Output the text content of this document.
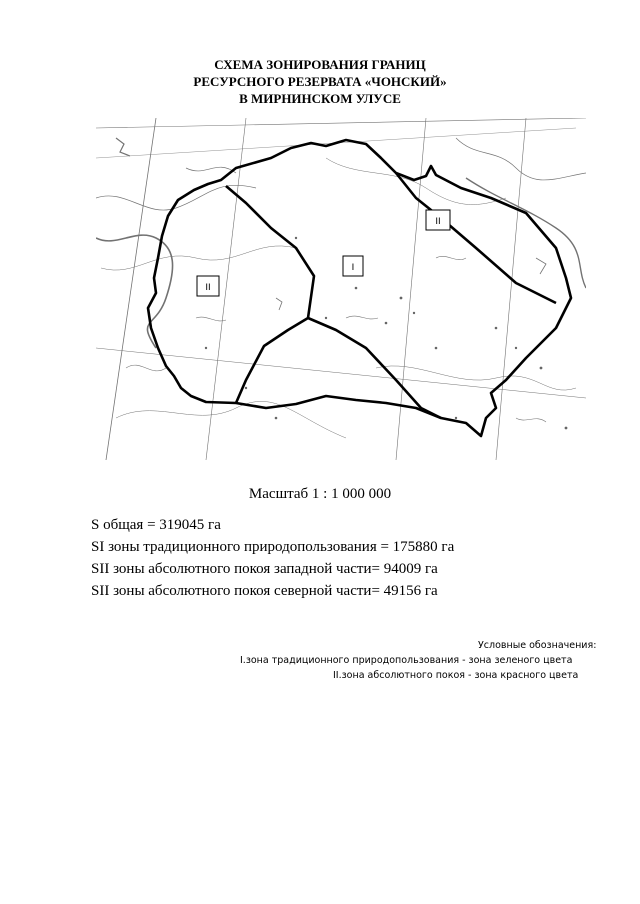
СХЕМА ЗОНИРОВАНИЯ ГРАНИЦ
РЕСУРСНОГО РЕЗЕРВАТА «ЧОНСКИЙ»
В МИРНИНСКОМ УЛУСЕ
I
II
II
Масштаб 1 : 1 000 000
S общая = 319045 га
SI зоны традиционного природопользования = 175880 га
SII зоны абсолютного покоя западной части= 94009 га
SII зоны абсолютного покоя северной части= 49156 га
Условные обозначения:
I.зона традиционного природопользования - зона зеленого цвета
II.зона абсолютного покоя - зона красного цвета
